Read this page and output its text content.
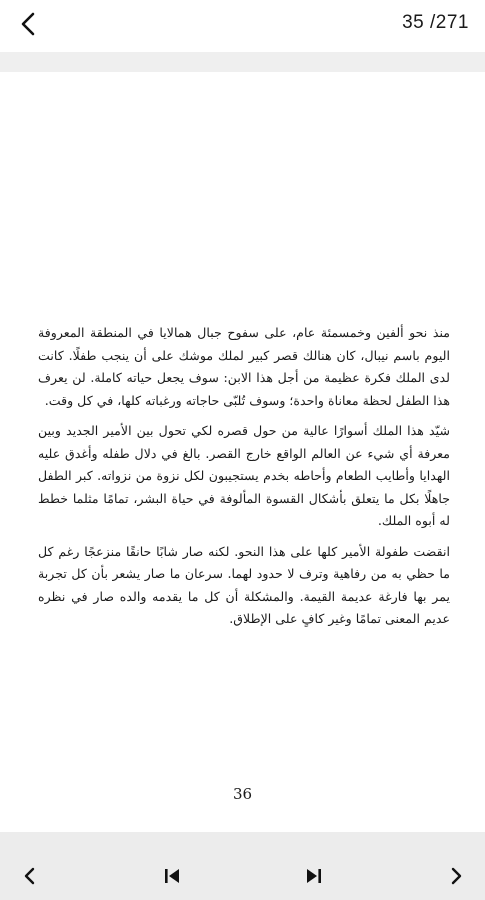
35 /271

منذ نحو ألفين وخمسمئة عام، على سفوح جبال همالايا في المنطقة المعروفة اليوم باسم نيبال، كان هنالك قصر كبير لملك موشك على أن ينجب طفلًا. كانت لدى الملك فكرة عظيمة من أجل هذا الابن: سوف يجعل حياته كاملة. لن يعرف هذا الطفل لحظة معاناة واحدة؛ وسوف تُلبّى حاجاته ورغباته كلها، في كل وقت.

شيّد هذا الملك أسوارًا عالية من حول قصره لكي تحول بين الأمير الجديد وبين معرفة أي شيء عن العالم الواقع خارج القصر. بالغ في دلال طفله وأغدق عليه الهدايا وأطايب الطعام وأحاطه بخدم يستجيبون لكل نزوة من نزواته. كبر الطفل جاهلًا بكل ما يتعلق بأشكال القسوة المألوفة في حياة البشر، تمامًا مثلما خطط له أبوه الملك.

انقضت طفولة الأمير كلها على هذا النحو. لكنه صار شابًا حانقًا منزعجًا رغم كل ما حظي به من رفاهية وترف لا حدود لهما. سرعان ما صار يشعر بأن كل تجربة يمر بها فارغة عديمة القيمة. والمشكلة أن كل ما يقدمه والده صار في نظره عديم المعنى تمامًا وغير كافٍ على الإطلاق.

36
